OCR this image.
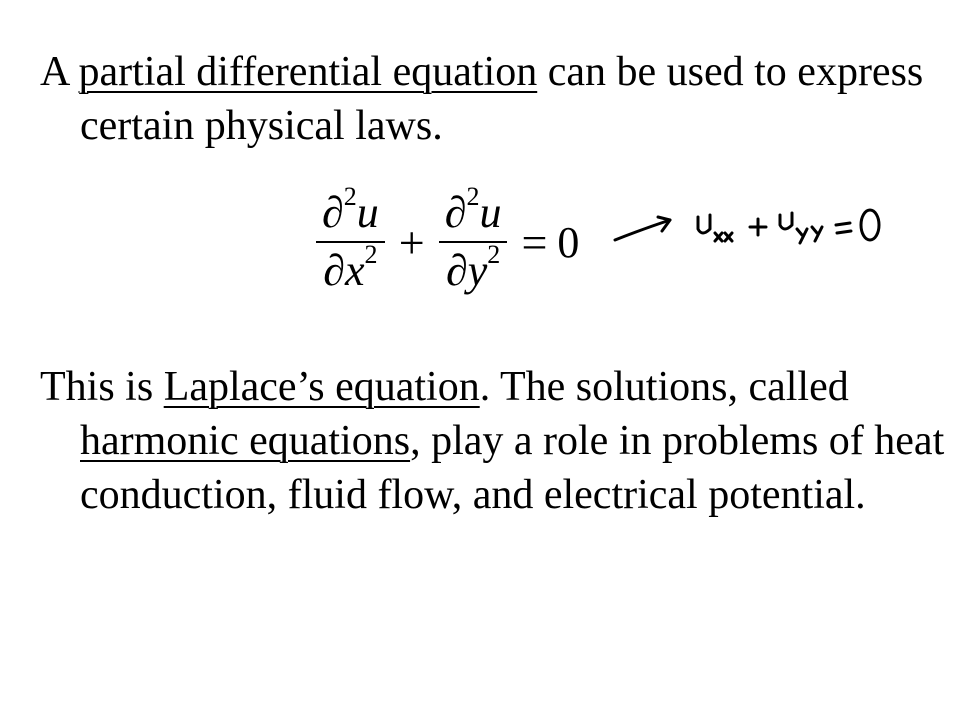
A partial differential equation can be used to express certain physical laws.

$\frac{\partial^2u}{\partial x^2} + \frac{\partial^2u}{\partial y^2} = 0$

This is Laplace’s equation. The solutions, called harmonic equations, play a role in problems of heat conduction, fluid flow, and electrical potential.
